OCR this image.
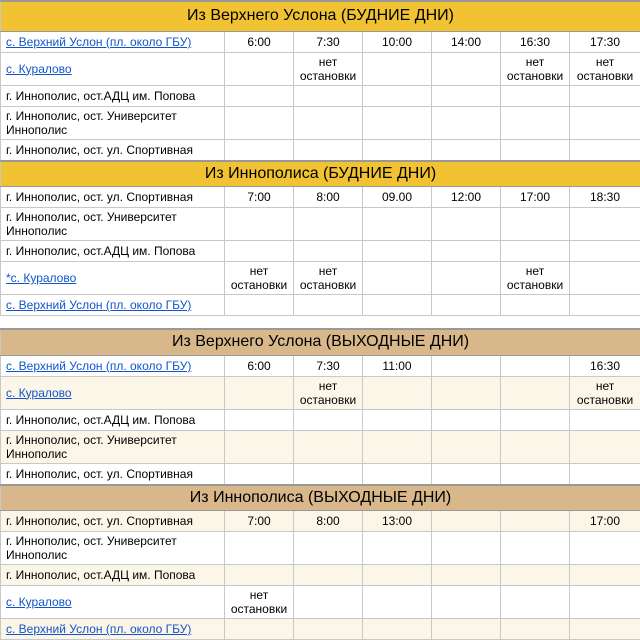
Из Верхнего Услона (БУДНИЕ ДНИ)						
с. Верхний Услон (пл. около ГБУ)	6:00	7:30	10:00	14:00	16:30	17:30
с. Куралово		нет остановки			нет остановки	нет остановки
г. Иннополис, ост.АДЦ им. Попова						
г. Иннополис, ост. Университет Иннополис						
г. Иннополис, ост. ул. Спортивная						
Из Иннополиса (БУДНИЕ ДНИ)						
г. Иннополис, ост. ул. Спортивная	7:00	8:00	09.00	12:00	17:00	18:30
г. Иннополис, ост. Университет Иннополис						
г. Иннополис, ост.АДЦ им. Попова						
*с. Куралово	нет остановки	нет остановки			нет остановки	
с. Верхний Услон (пл. около ГБУ)						

Из Верхнего Услона (ВЫХОДНЫЕ ДНИ)						
с. Верхний Услон (пл. около ГБУ)	6:00	7:30	11:00			16:30
с. Куралово		нет остановки				нет остановки
г. Иннополис, ост.АДЦ им. Попова						
г. Иннополис, ост. Университет Иннополис						
г. Иннополис, ост. ул. Спортивная						
Из Иннополиса (ВЫХОДНЫЕ ДНИ)						
г. Иннополис, ост. ул. Спортивная	7:00	8:00	13:00			17:00
г. Иннополис, ост. Университет Иннополис						
г. Иннополис, ост.АДЦ им. Попова						
с. Куралово	нет остановки					
с. Верхний Услон (пл. около ГБУ)						
